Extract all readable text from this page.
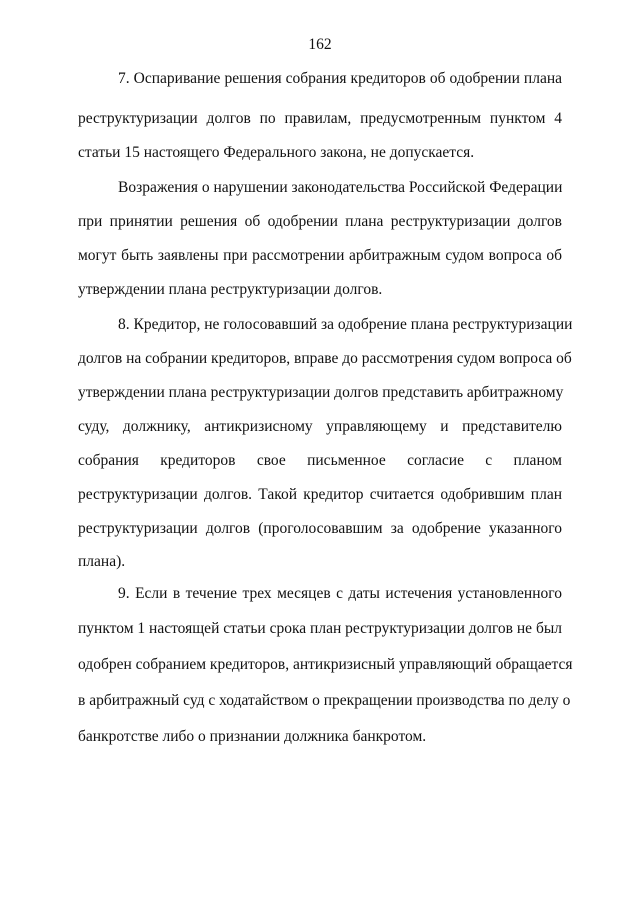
162
7. Оспаривание решения собрания кредиторов об одобрении плана
реструктуризации долгов по правилам, предусмотренным пунктом 4
статьи 15 настоящего Федерального закона, не допускается.
Возражения о нарушении законодательства Российской Федерации
при принятии решения об одобрении плана реструктуризации долгов
могут быть заявлены при рассмотрении арбитражным судом вопроса об
утверждении плана реструктуризации долгов.
8. Кредитор, не голосовавший за одобрение плана реструктуризации
долгов на собрании кредиторов, вправе до рассмотрения судом вопроса об
утверждении плана реструктуризации долгов представить арбитражному
суду, должнику, антикризисному управляющему и представителю
собрания кредиторов свое письменное согласие с планом
реструктуризации долгов. Такой кредитор считается одобрившим план
реструктуризации долгов (проголосовавшим за одобрение указанного
плана).
9. Если в течение трех месяцев с даты истечения установленного
пунктом 1 настоящей статьи срока план реструктуризации долгов не был
одобрен собранием кредиторов, антикризисный управляющий обращается
в арбитражный суд с ходатайством о прекращении производства по делу о
банкротстве либо о признании должника банкротом.
